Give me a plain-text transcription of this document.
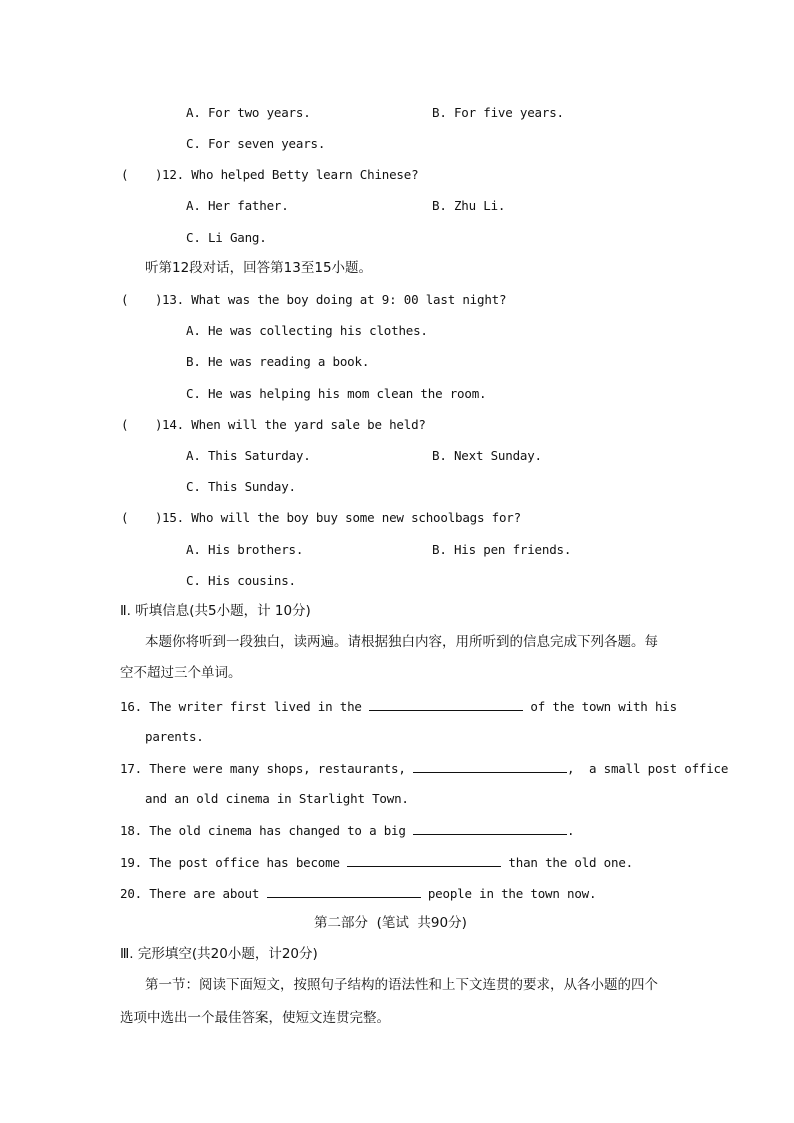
A. For two years.	B. For five years.
C. For seven years.
( ) 12. Who helped Betty learn Chinese?
A. Her father.	B. Zhu Li.
C. Li Gang.
听第12段对话，回答第13至15小题。
( ) 13. What was the boy doing at 9: 00 last night?
A. He was collecting his clothes.
B. He was reading a book.
C. He was helping his mom clean the room.
( ) 14. When will the yard sale be held?
A. This Saturday.	B. Next Sunday.
C. This Sunday.
( ) 15. Who will the boy buy some new schoolbags for?
A. His brothers.	B. His pen friends.
C. His cousins.
Ⅱ. 听填信息(共5小题，计 10分)
本题你将听到一段独白，读两遍。请根据独白内容，用所听到的信息完成下列各题。每
空不超过三个单词。
16. The writer first lived in the	of the town with his
parents.
17. There were many shops, restaurants,	,  a small post office
and an old cinema in Starlight Town.
18. The old cinema has changed to a big	.
19. The post office has become	than the old one.
20. There are about	people in the town now.
第二部分  (笔试  共90分)
Ⅲ. 完形填空(共20小题，计20分)
第一节：阅读下面短文，按照句子结构的语法性和上下文连贯的要求，从各小题的四个
选项中选出一个最佳答案，使短文连贯完整。
